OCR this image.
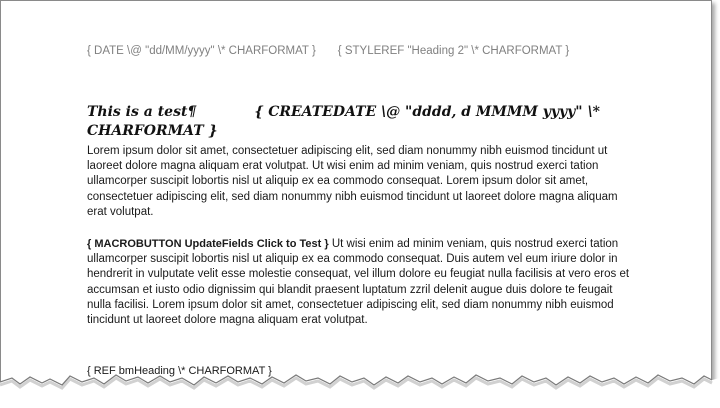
{ DATE \@ "dd/MM/yyyy" \* CHARFORMAT } { STYLEREF "Heading 2" \* CHARFORMAT }
This is a test¶	{ CREATEDATE \@ "dddd, d MMMM yyyy" \* CHARFORMAT }
Lorem ipsum dolor sit amet, consectetuer adipiscing elit, sed diam nonummy nibh euismod tincidunt ut laoreet dolore magna aliquam erat volutpat. Ut wisi enim ad minim veniam, quis nostrud exerci tation ullamcorper suscipit lobortis nisl ut aliquip ex ea commodo consequat. Lorem ipsum dolor sit amet, consectetuer adipiscing elit, sed diam nonummy nibh euismod tincidunt ut laoreet dolore magna aliquam erat volutpat.
{ MACROBUTTON UpdateFields Click to Test } Ut wisi enim ad minim veniam, quis nostrud exerci tation ullamcorper suscipit lobortis nisl ut aliquip ex ea commodo consequat. Duis autem vel eum iriure dolor in hendrerit in vulputate velit esse molestie consequat, vel illum dolore eu feugiat nulla facilisis at vero eros et accumsan et iusto odio dignissim qui blandit praesent luptatum zzril delenit augue duis dolore te feugait nulla facilisi. Lorem ipsum dolor sit amet, consectetuer adipiscing elit, sed diam nonummy nibh euismod tincidunt ut laoreet dolore magna aliquam erat volutpat.
{ REF bmHeading \* CHARFORMAT }
